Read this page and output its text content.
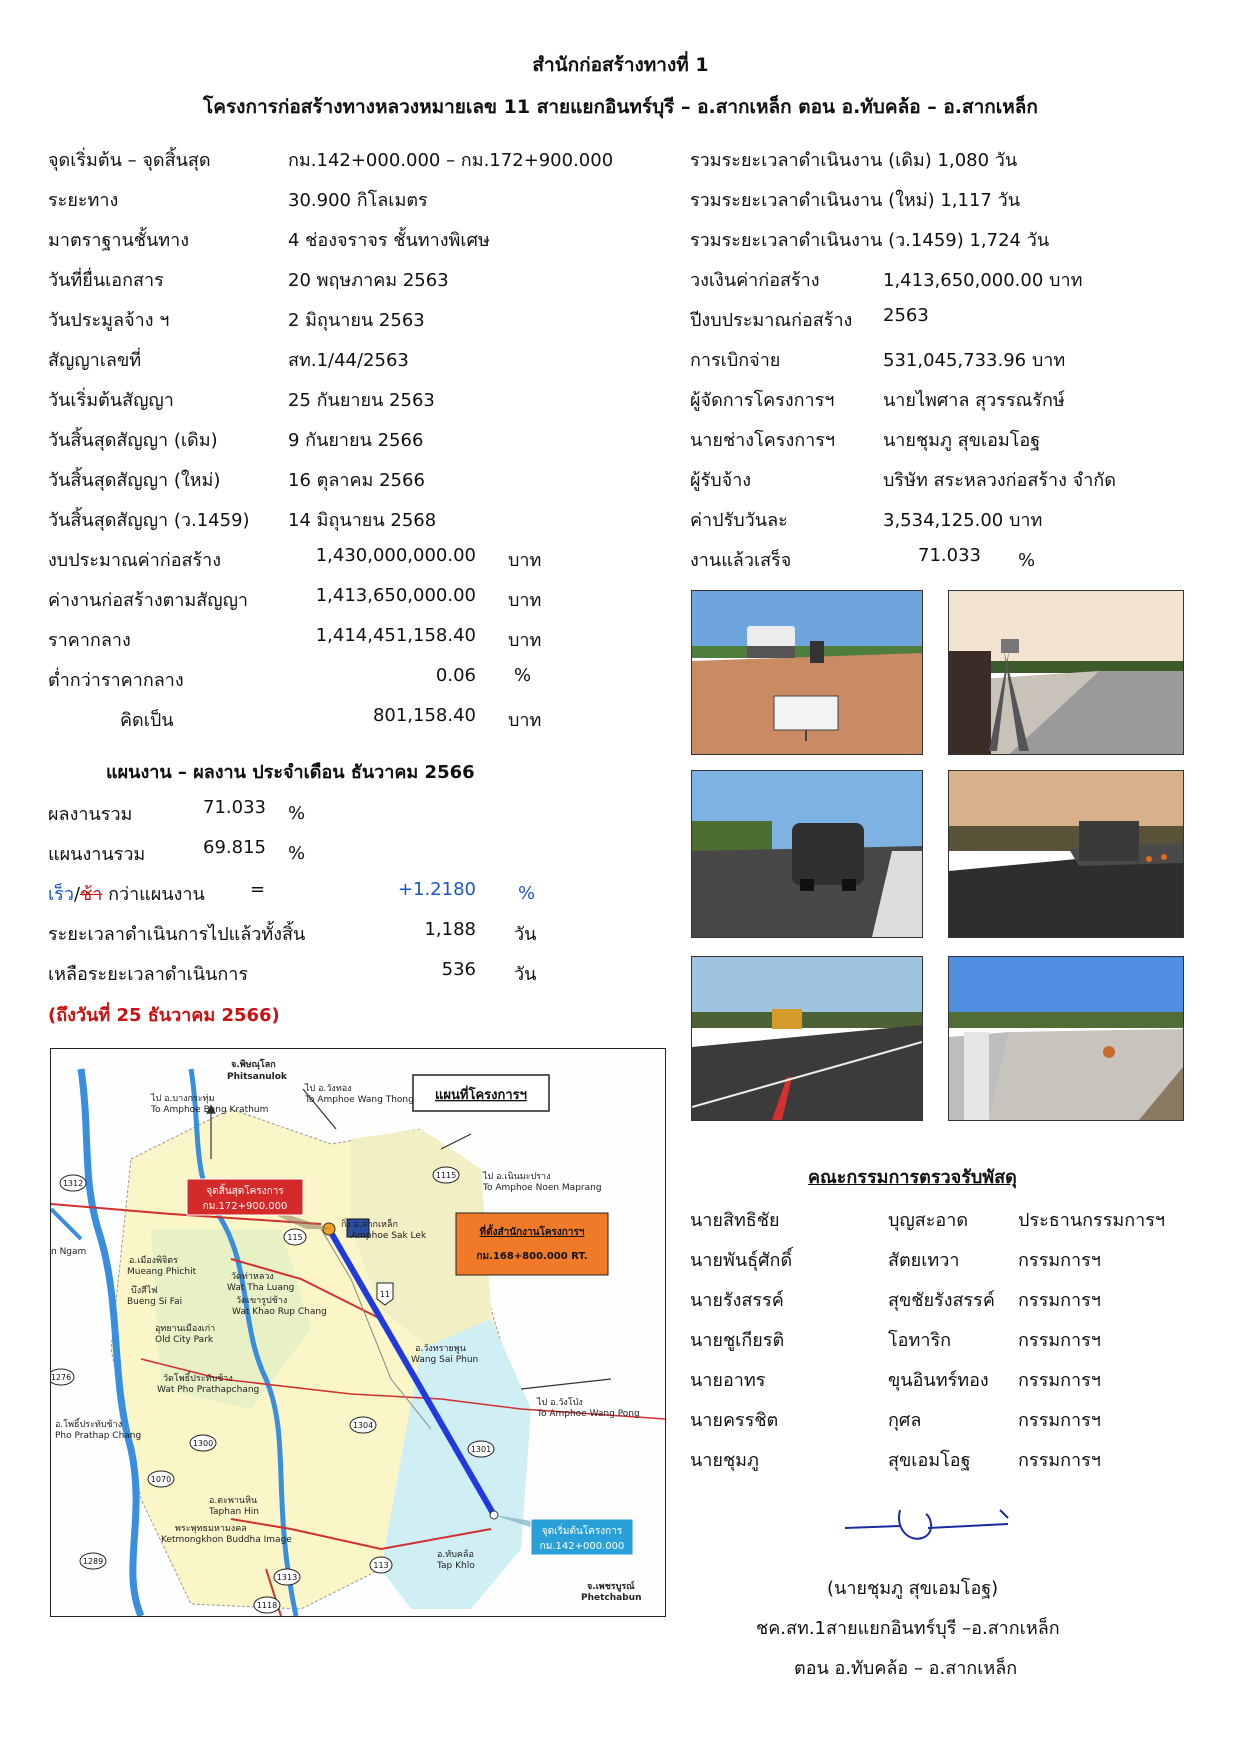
สำนักก่อสร้างทางที่ 1
โครงการก่อสร้างทางหลวงหมายเลข 11 สายแยกอินทร์บุรี – อ.สากเหล็ก ตอน อ.ทับคล้อ – อ.สากเหล็ก
จุดเริ่มต้น – จุดสิ้นสุด	กม.142+000.000 – กม.172+900.000
ระยะทาง	30.900 กิโลเมตร
มาตราฐานชั้นทาง	4 ช่องจราจร ชั้นทางพิเศษ
วันที่ยื่นเอกสาร	20 พฤษภาคม 2563
วันประมูลจ้าง ฯ	2 มิถุนายน 2563
สัญญาเลขที่	สท.1/44/2563
วันเริ่มต้นสัญญา	25 กันยายน 2563
วันสิ้นสุดสัญญา (เดิม)	9 กันยายน 2566
วันสิ้นสุดสัญญา (ใหม่)	16 ตุลาคม 2566
วันสิ้นสุดสัญญา (ว.1459) 14 มิถุนายน 2568
งบประมาณค่าก่อสร้าง	1,430,000,000.00 บาท
ค่างานก่อสร้างตามสัญญา	1,413,650,000.00 บาท
ราคากลาง	1,414,451,158.40 บาท
ต่ำกว่าราคากลาง	0.06 %
คิดเป็น	801,158.40 บาท
รวมระยะเวลาดำเนินงาน (เดิม) 1,080 วัน
รวมระยะเวลาดำเนินงาน (ใหม่) 1,117 วัน
รวมระยะเวลาดำเนินงาน (ว.1459) 1,724 วัน
วงเงินค่าก่อสร้าง	1,413,650,000.00 บาท
ปีงบประมาณก่อสร้าง 2563
การเบิกจ่าย	531,045,733.96 บาท
ผู้จัดการโครงการฯ	นายไพศาล สุวรรณรักษ์
นายช่างโครงการฯ	นายชุมภู สุขเอมโอฐ
ผู้รับจ้าง	บริษัท สระหลวงก่อสร้าง จำกัด
ค่าปรับวันละ	3,534,125.00 บาท
งานแล้วเสร็จ	71.033 %
แผนงาน – ผลงาน ประจำเดือน ธันวาคม 2566
ผลงานรวม	71.033 %
แผนงานรวม	69.815 %
เร็ว/ช้า กว่าแผนงาน	=	+1.2180 %
ระยะเวลาดำเนินการไปแล้วทั้งสิ้น	1,188 วัน
เหลือระยะเวลาดำเนินการ	536 วัน
(ถึงวันที่ 25 ธันวาคม 2566)
แผนที่โครงการฯ
จุดสิ้นสุดโครงการ
กม.172+900.000
ที่ตั้งสำนักงานโครงการฯ
กม.168+800.000 RT.
จุดเริ่มต้นโครงการ
กม.142+000.000
จ.พิษณุโลก
Phitsanulok
ไป อ.บางกระทุ่ม
To Amphoe Bang Krathum
ไป อ.วังทอง
To Amphoe Wang Thong
ไป อ.เนินมะปราง
To Amphoe Noen Maprang
กิ่ง อ.สากเหล็ก
Amphoe Sak Lek
n Ngam
อ.เมืองพิจิตร
Mueang Phichit
บึงสีไฟ
Bueng Si Fai
วัดท่าหลวง
Wat Tha Luang
วัดเขารูปช้าง
Wat Khao Rup Chang
อุทยานเมืองเก่า
Old City Park
อ.วังทรายพูน
Wang Sai Phun
วัดโพธิ์ประทับช้าง
Wat Pho Prathapchang
ไป อ.วังโป่ง
To Amphoe Wang Pong
อ.โพธิ์ประทับช้าง
Pho Prathap Chang
อ.ตะพานหิน
Taphan Hin
พระพุทธมหามงคล
Ketmongkhon Buddha Image
อ.ทับคล้อ
Tap Khlo
จ.เพชรบูรณ์
Phetchabun
1312
1115
115
11
1276
1304
1301
1300
1070
1289	113
1313
1118
คณะกรรมการตรวจรับพัสดุ
นายสิทธิชัย	บุญสะอาด	ประธานกรรมการฯ
นายพันธุ์ศักดิ์	สัตยเทวา	กรรมการฯ
นายรังสรรค์	สุขชัยรังสรรค์ กรรมการฯ
นายชูเกียรติ	โอทาริก	กรรมการฯ
นายอาทร	ขุนอินทร์ทอง กรรมการฯ
นายครรชิต	กุศล	กรรมการฯ
นายชุมภู	สุขเอมโอฐ	กรรมการฯ
(นายชุมภู สุขเอมโอฐ)
ชค.สท.1สายแยกอินทร์บุรี –อ.สากเหล็ก
ตอน อ.ทับคล้อ – อ.สากเหล็ก
